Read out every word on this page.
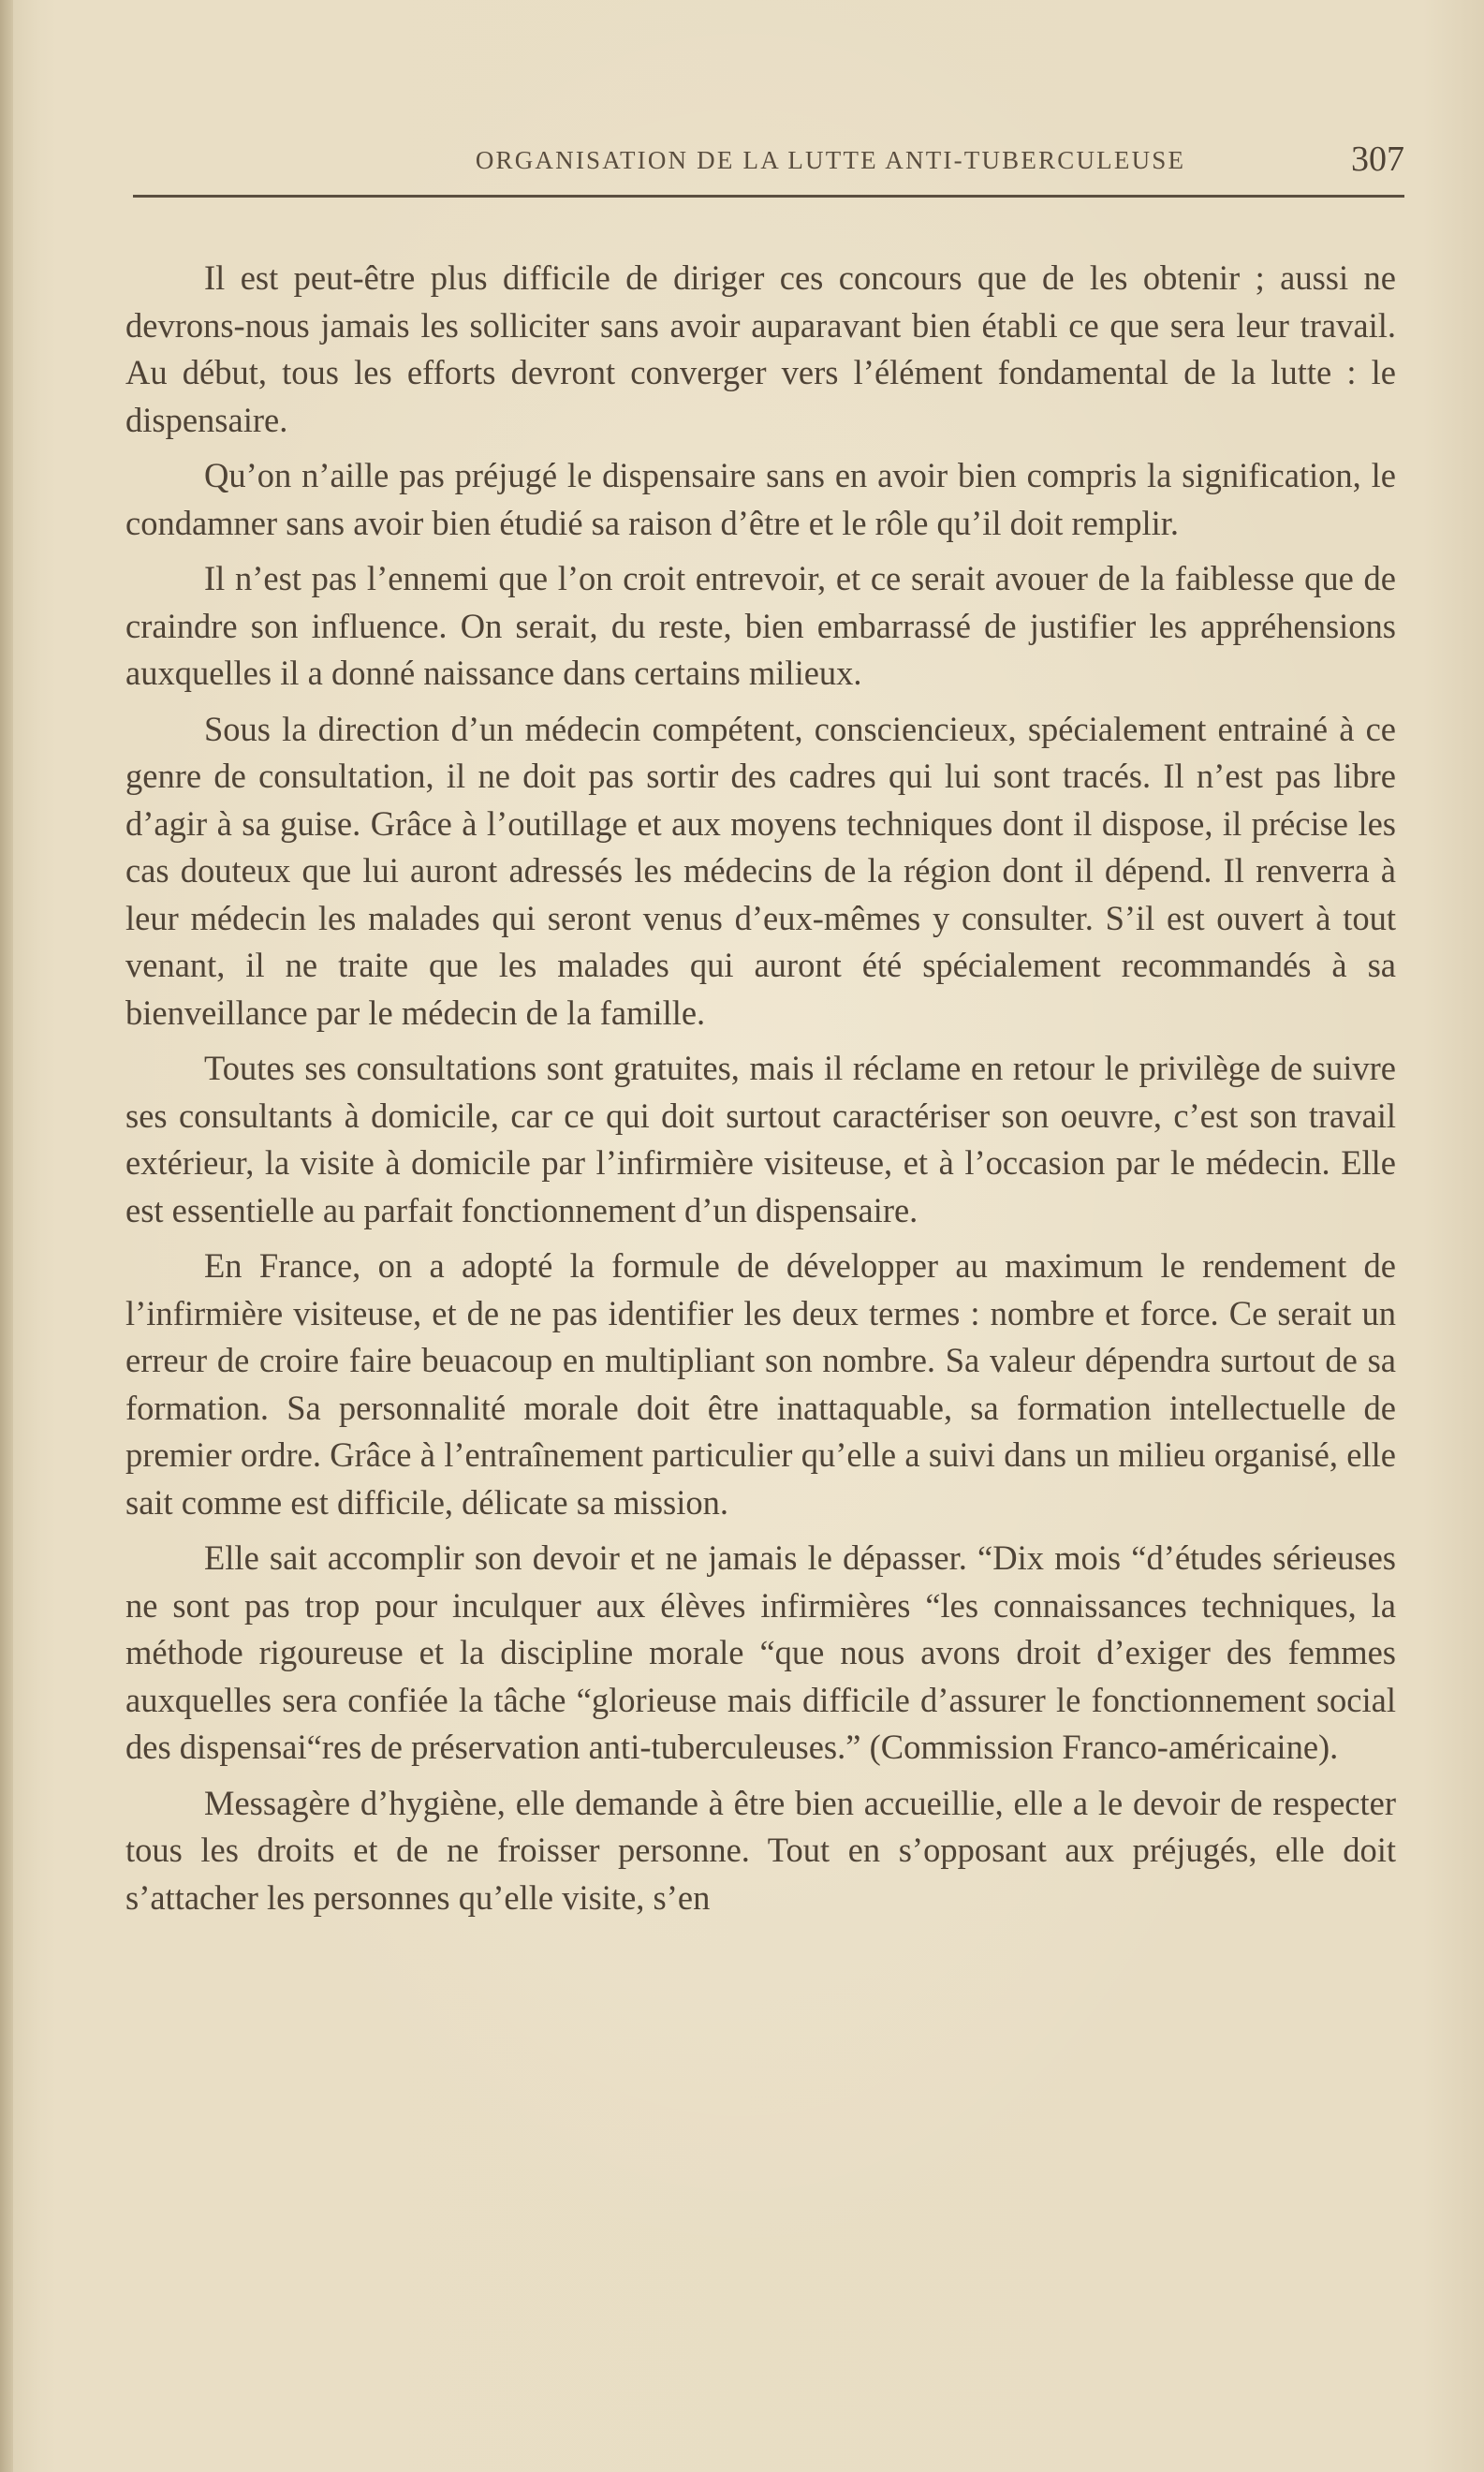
ORGANISATION DE LA LUTTE ANTI-TUBERCULEUSE	307

Il est peut-être plus difficile de diriger ces concours que de les obtenir ; aussi ne devrons-nous jamais les solliciter sans avoir auparavant bien établi ce que sera leur travail. Au début, tous les efforts devront converger vers l’élément fondamental de la lutte : le dispensaire.

Qu’on n’aille pas préjugé le dispensaire sans en avoir bien compris la signification, le condamner sans avoir bien étudié sa raison d’être et le rôle qu’il doit remplir.

Il n’est pas l’ennemi que l’on croit entrevoir, et ce serait avouer de la faiblesse que de craindre son influence. On serait, du reste, bien embarrassé de justifier les appréhensions auxquelles il a donné naissance dans certains milieux.

Sous la direction d’un médecin compétent, consciencieux, spécialement entrainé à ce genre de consultation, il ne doit pas sortir des cadres qui lui sont tracés. Il n’est pas libre d’agir à sa guise. Grâce à l’outillage et aux moyens techniques dont il dispose, il précise les cas douteux que lui auront adressés les médecins de la région dont il dépend. Il renverra à leur médecin les malades qui seront venus d’eux-mêmes y consulter. S’il est ouvert à tout venant, il ne traite que les malades qui auront été spécialement recommandés à sa bienveillance par le médecin de la famille.

Toutes ses consultations sont gratuites, mais il réclame en retour le privilège de suivre ses consultants à domicile, car ce qui doit surtout caractériser son oeuvre, c’est son travail extérieur, la visite à domicile par l’infirmière visiteuse, et à l’occasion par le médecin. Elle est essentielle au parfait fonctionnement d’un dispensaire.

En France, on a adopté la formule de développer au maximum le rendement de l’infirmière visiteuse, et de ne pas identifier les deux termes : nombre et force. Ce serait un erreur de croire faire beuacoup en multipliant son nombre. Sa valeur dépendra surtout de sa formation. Sa personnalité morale doit être inattaquable, sa formation intellectuelle de premier ordre. Grâce à l’entraînement particulier qu’elle a suivi dans un milieu organisé, elle sait comme est difficile, délicate sa mission.

Elle sait accomplir son devoir et ne jamais le dépasser. “Dix mois “d’études sérieuses ne sont pas trop pour inculquer aux élèves infirmières “les connaissances techniques, la méthode rigoureuse et la discipline morale “que nous avons droit d’exiger des femmes auxquelles sera confiée la tâche “glorieuse mais difficile d’assurer le fonctionnement social des dispensai“res de préservation anti-tuberculeuses.” (Commission Franco-américaine).

Messagère d’hygiène, elle demande à être bien accueillie, elle a le devoir de respecter tous les droits et de ne froisser personne. Tout en s’opposant aux préjugés, elle doit s’attacher les personnes qu’elle visite, s’en
